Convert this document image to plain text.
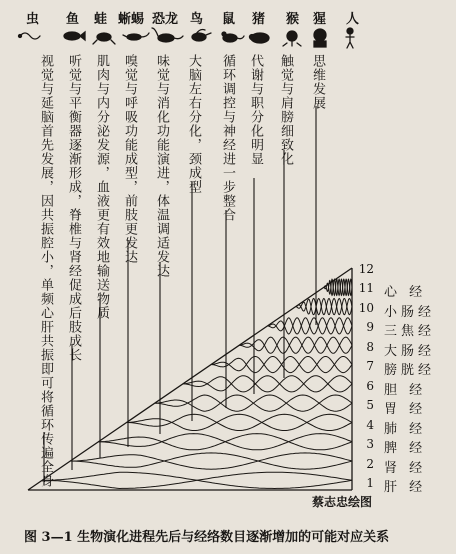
虫 鱼 蛙 蜥蜴 恐龙 鸟 鼠 猪 猴 猩 人
视觉与延脑首先发展，因共振腔小，单频心肝共振即可将循环传遍全身 听觉与平衡器逐渐形成，脊椎与肾经促成后肢成长 肌肉与内分泌发源，血液更有效地输送物质 嗅觉与呼吸功能成型，前肢更发达 味觉与消化功能演进，体温调适发达 大脑左右分化，颈成型 循环调控与神经进一步整合 代谢与职分化明显 触觉与肩膀细致化 思维发展
12
11
10
9
8
7
6
5
4
3
2
1
心 经
小肠经
三焦经
大肠经
膀胱经
胆 经
胃 经
肺 经
脾 经
肾 经
肝 经
蔡志忠绘图
图 3—1 生物演化进程先后与经络数目逐渐增加的可能对应关系
